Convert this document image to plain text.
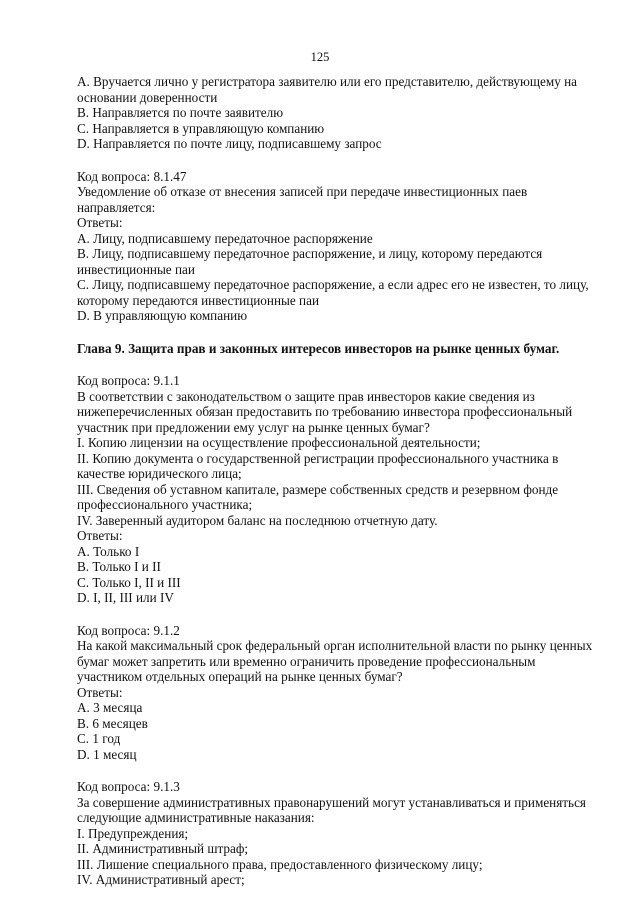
125
А. Вручается лично у регистратора заявителю или его представителю, действующему на
основании доверенности
B. Направляется по почте заявителю
C. Направляется в управляющую компанию
D. Направляется по почте лицу, подписавшему запрос
Код вопроса: 8.1.47
Уведомление об отказе от внесения записей при передаче инвестиционных паев
направляется:
Ответы:
А. Лицу, подписавшему передаточное распоряжение
B. Лицу, подписавшему передаточное распоряжение, и лицу, которому передаются
инвестиционные паи
C. Лицу, подписавшему передаточное распоряжение, а если адрес его не известен, то лицу,
которому передаются инвестиционные паи
D. В управляющую компанию
Глава 9. Защита прав и законных интересов инвесторов на рынке ценных бумаг.
Код вопроса: 9.1.1
В соответствии с законодательством о защите прав инвесторов какие сведения из
нижеперечисленных обязан предоставить по требованию инвестора профессиональный
участник при предложении ему услуг на рынке ценных бумаг?
I. Копию лицензии на осуществление профессиональной деятельности;
II. Копию документа о государственной регистрации профессионального участника в
качестве юридического лица;
III. Сведения об уставном капитале, размере собственных средств и резервном фонде
профессионального участника;
IV. Заверенный аудитором баланс на последнюю отчетную дату.
Ответы:
А. Только I
В. Только I и II
С. Только I, II и III
D. I, II, III или IV
Код вопроса: 9.1.2
На какой максимальный срок федеральный орган исполнительной власти по рынку ценных
бумаг может запретить или временно ограничить проведение профессиональным
участником отдельных операций на рынке ценных бумаг?
Ответы:
А. 3 месяца
В. 6 месяцев
С. 1 год
D. 1 месяц
Код вопроса: 9.1.3
За совершение административных правонарушений могут устанавливаться и применяться
следующие административные наказания:
I. Предупреждения;
II. Административный штраф;
III. Лишение специального права, предоставленного физическому лицу;
IV. Административный арест;
